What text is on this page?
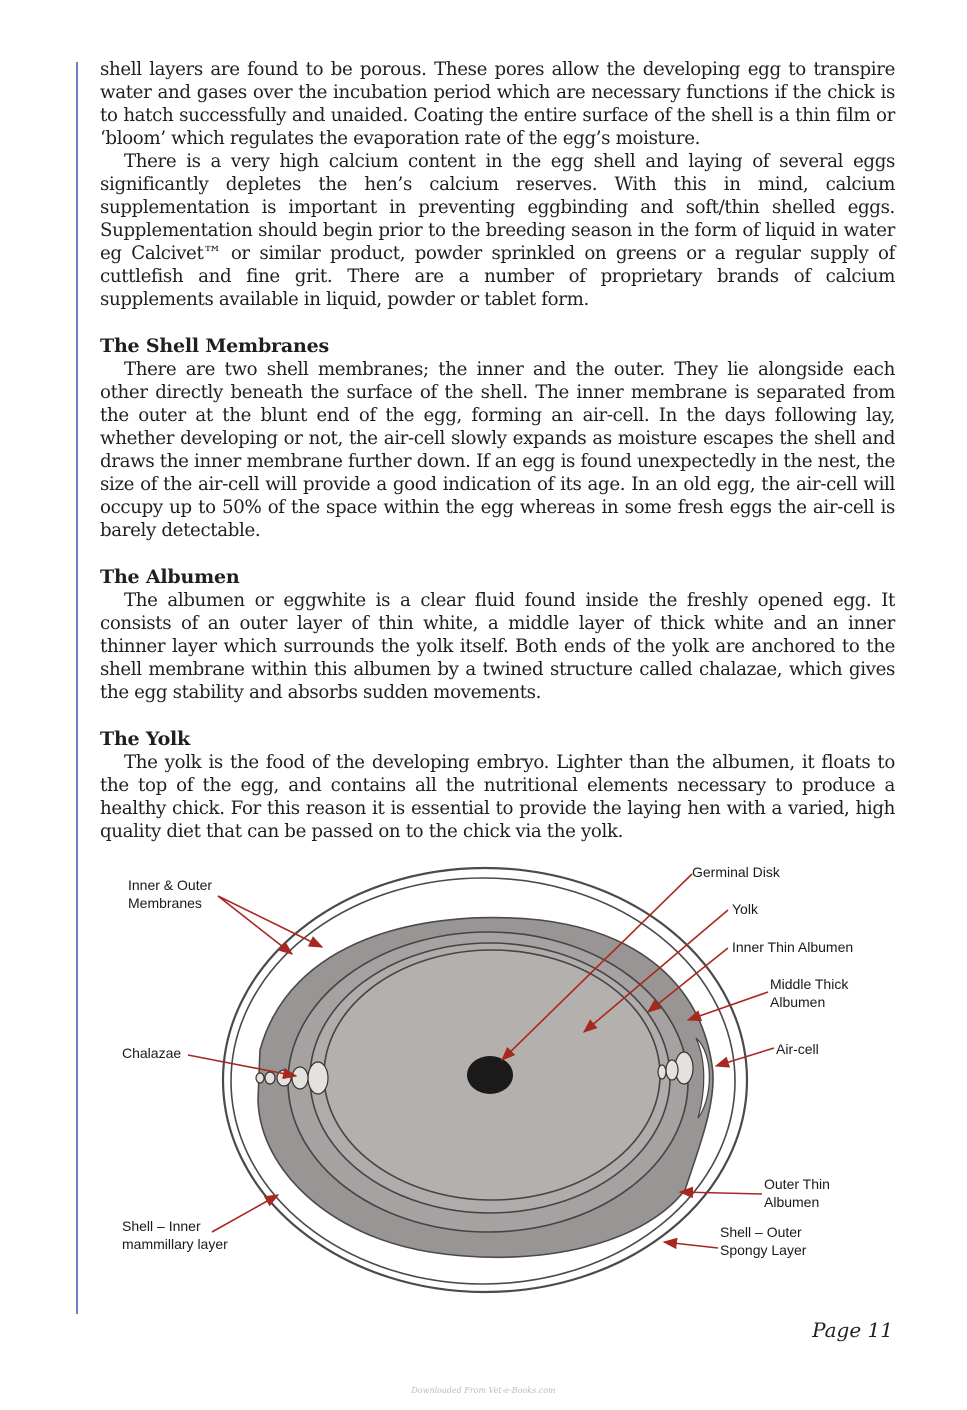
shell layers are found to be porous. These pores allow the developing egg to transpire water and gases over the incubation period which are necessary functions if the chick is to hatch successfully and unaided. Coating the entire surface of the shell is a thin film or ‘bloom’ which regulates the evaporation rate of the egg’s moisture.

There is a very high calcium content in the egg shell and laying of several eggs significantly depletes the hen’s calcium reserves. With this in mind, calcium supplementation is important in preventing eggbinding and soft/thin shelled eggs. Supplementation should begin prior to the breeding season in the form of liquid in water eg Calcivet™ or similar product, powder sprinkled on greens or a regular supply of cuttlefish and fine grit. There are a number of proprietary brands of calcium supplements available in liquid, powder or tablet form.

The Shell Membranes

There are two shell membranes; the inner and the outer. They lie alongside each other directly beneath the surface of the shell. The inner membrane is separated from the outer at the blunt end of the egg, forming an air-cell. In the days following lay, whether developing or not, the air-cell slowly expands as moisture escapes the shell and draws the inner membrane further down. If an egg is found unexpectedly in the nest, the size of the air-cell will provide a good indication of its age. In an old egg, the air-cell will occupy up to 50% of the space within the egg whereas in some fresh eggs the air-cell is barely detectable.

The Albumen

The albumen or eggwhite is a clear fluid found inside the freshly opened egg. It consists of an outer layer of thin white, a middle layer of thick white and an inner thinner layer which surrounds the yolk itself. Both ends of the yolk are anchored to the shell membrane within this albumen by a twined structure called chalazae, which gives the egg stability and absorbs sudden movements.

The Yolk

The yolk is the food of the developing embryo. Lighter than the albumen, it floats to the top of the egg, and contains all the nutritional elements necessary to produce a healthy chick. For this reason it is essential to provide the laying hen with a varied, high quality diet that can be passed on to the chick via the yolk.

Inner & Outer
Membranes
Chalazae
Shell – Inner
mammillary layer
Germinal Disk
Yolk
Inner Thin Albumen
Middle Thick
Albumen
Air-cell
Outer Thin
Albumen
Shell – Outer
Spongy Layer
Page 11
Downloaded From Vet-e-Books.com
